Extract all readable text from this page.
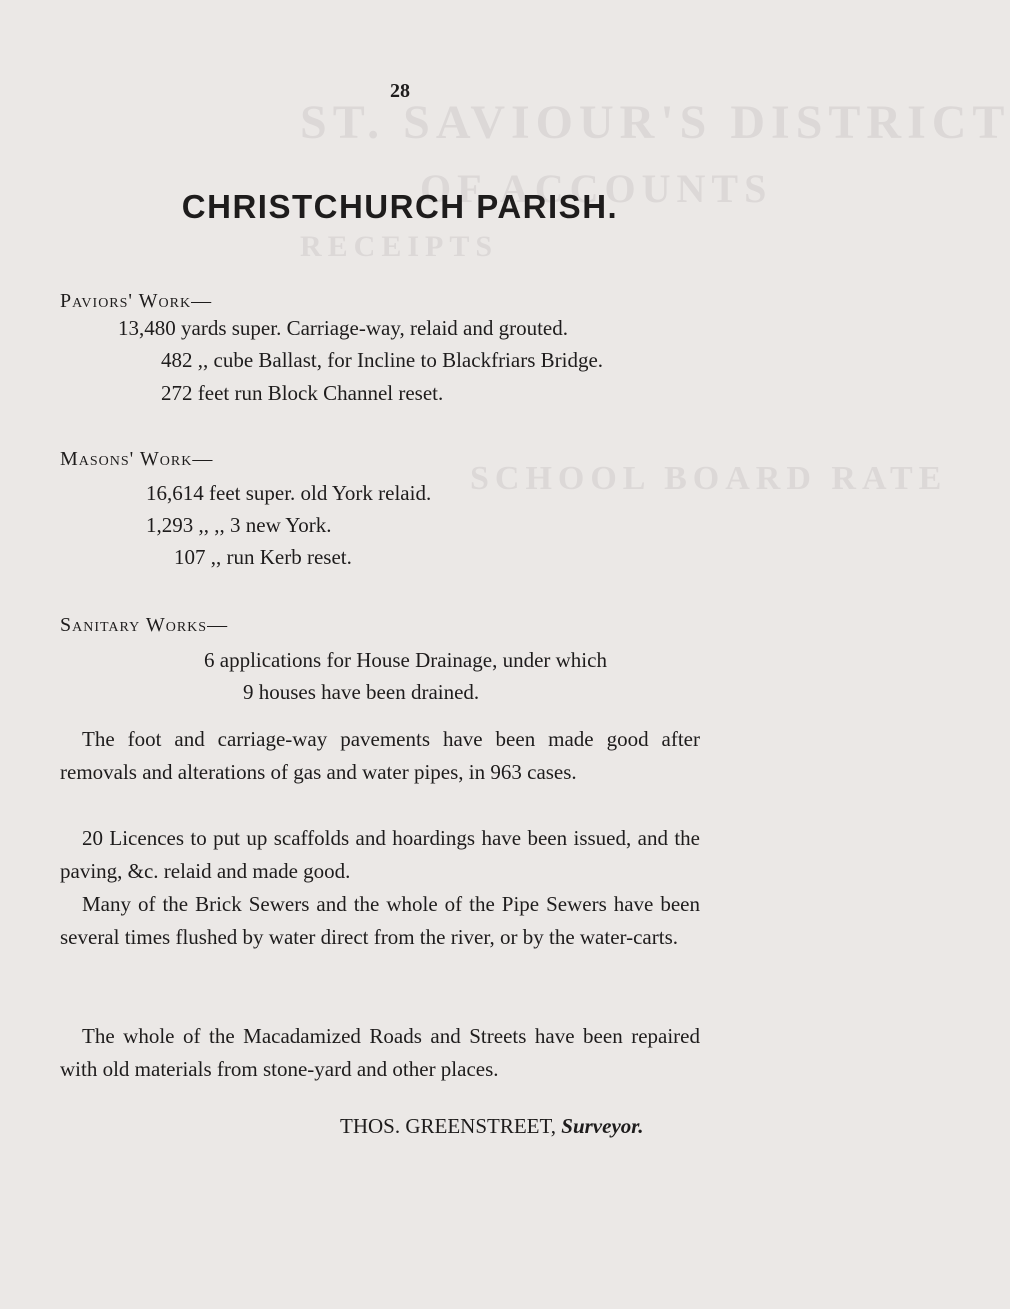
ST. SAVIOUR'S DISTRICT
OF ACCOUNTS
RECEIPTS
SCHOOL BOARD RATE
28
CHRISTCHURCH PARISH.
Paviors' Work—
13,480 yards super. Carriage-way, relaid and grouted.
482 ,, cube Ballast, for Incline to Blackfriars Bridge.
272 feet run Block Channel reset.
Masons' Work—
16,614 feet super. old York relaid.
1,293 ,, ,, 3 new York.
107 ,, run Kerb reset.
Sanitary Works—
6 applications for House Drainage, under which
9 houses have been drained.
The foot and carriage-way pavements have been made good after removals and alterations of gas and water pipes, in 963 cases.
20 Licences to put up scaffolds and hoardings have been issued, and the paving, &c. relaid and made good.
Many of the Brick Sewers and the whole of the Pipe Sewers have been several times flushed by water direct from the river, or by the water-carts.
The whole of the Macadamized Roads and Streets have been repaired with old materials from stone-yard and other places.
THOS. GREENSTREET, Surveyor.
